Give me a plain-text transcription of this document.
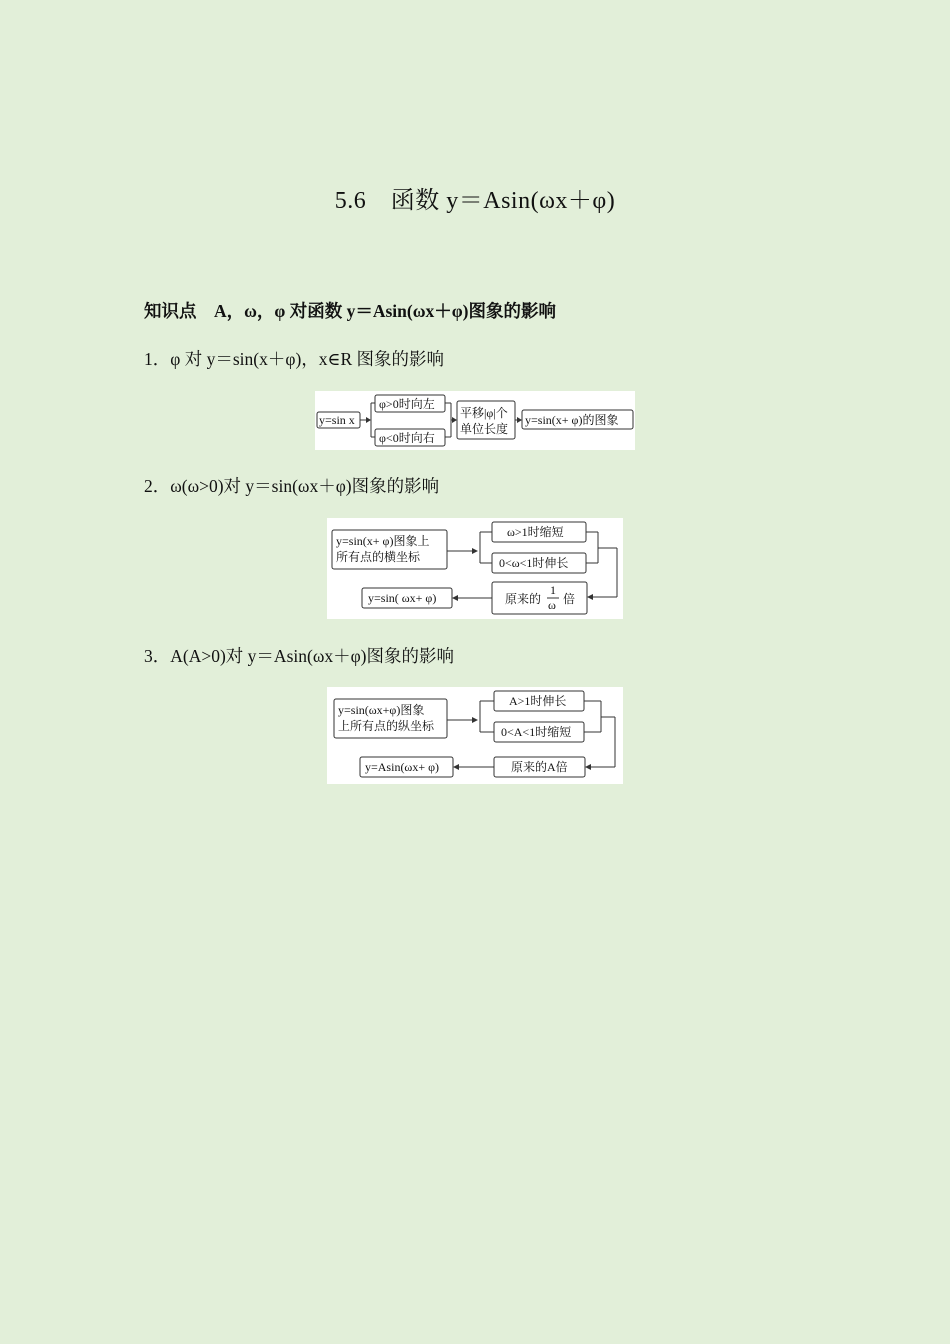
5.6　函数 y＝Asin(ωx＋φ)
知识点　A，ω，φ 对函数 y＝Asin(ωx＋φ)图象的影响
1．φ 对 y＝sin(x＋φ)，x∈R 图象的影响
y=sin x
φ>0时向左
φ<0时向右
平移|φ|个
单位长度
y=sin(x+ φ)的图象
2．ω(ω>0)对 y＝sin(ωx＋φ)图象的影响
y=sin(x+ φ)图象上
所有点的横坐标
ω>1时缩短
0<ω<1时伸长
原来的
1
ω 倍
y=sin( ωx+ φ)
3．A(A>0)对 y＝Asin(ωx＋φ)图象的影响
y=sin(ωx+φ)图象
上所有点的纵坐标
A>1时伸长
0<A<1时缩短
原来的A倍
y=Asin(ωx+ φ)
